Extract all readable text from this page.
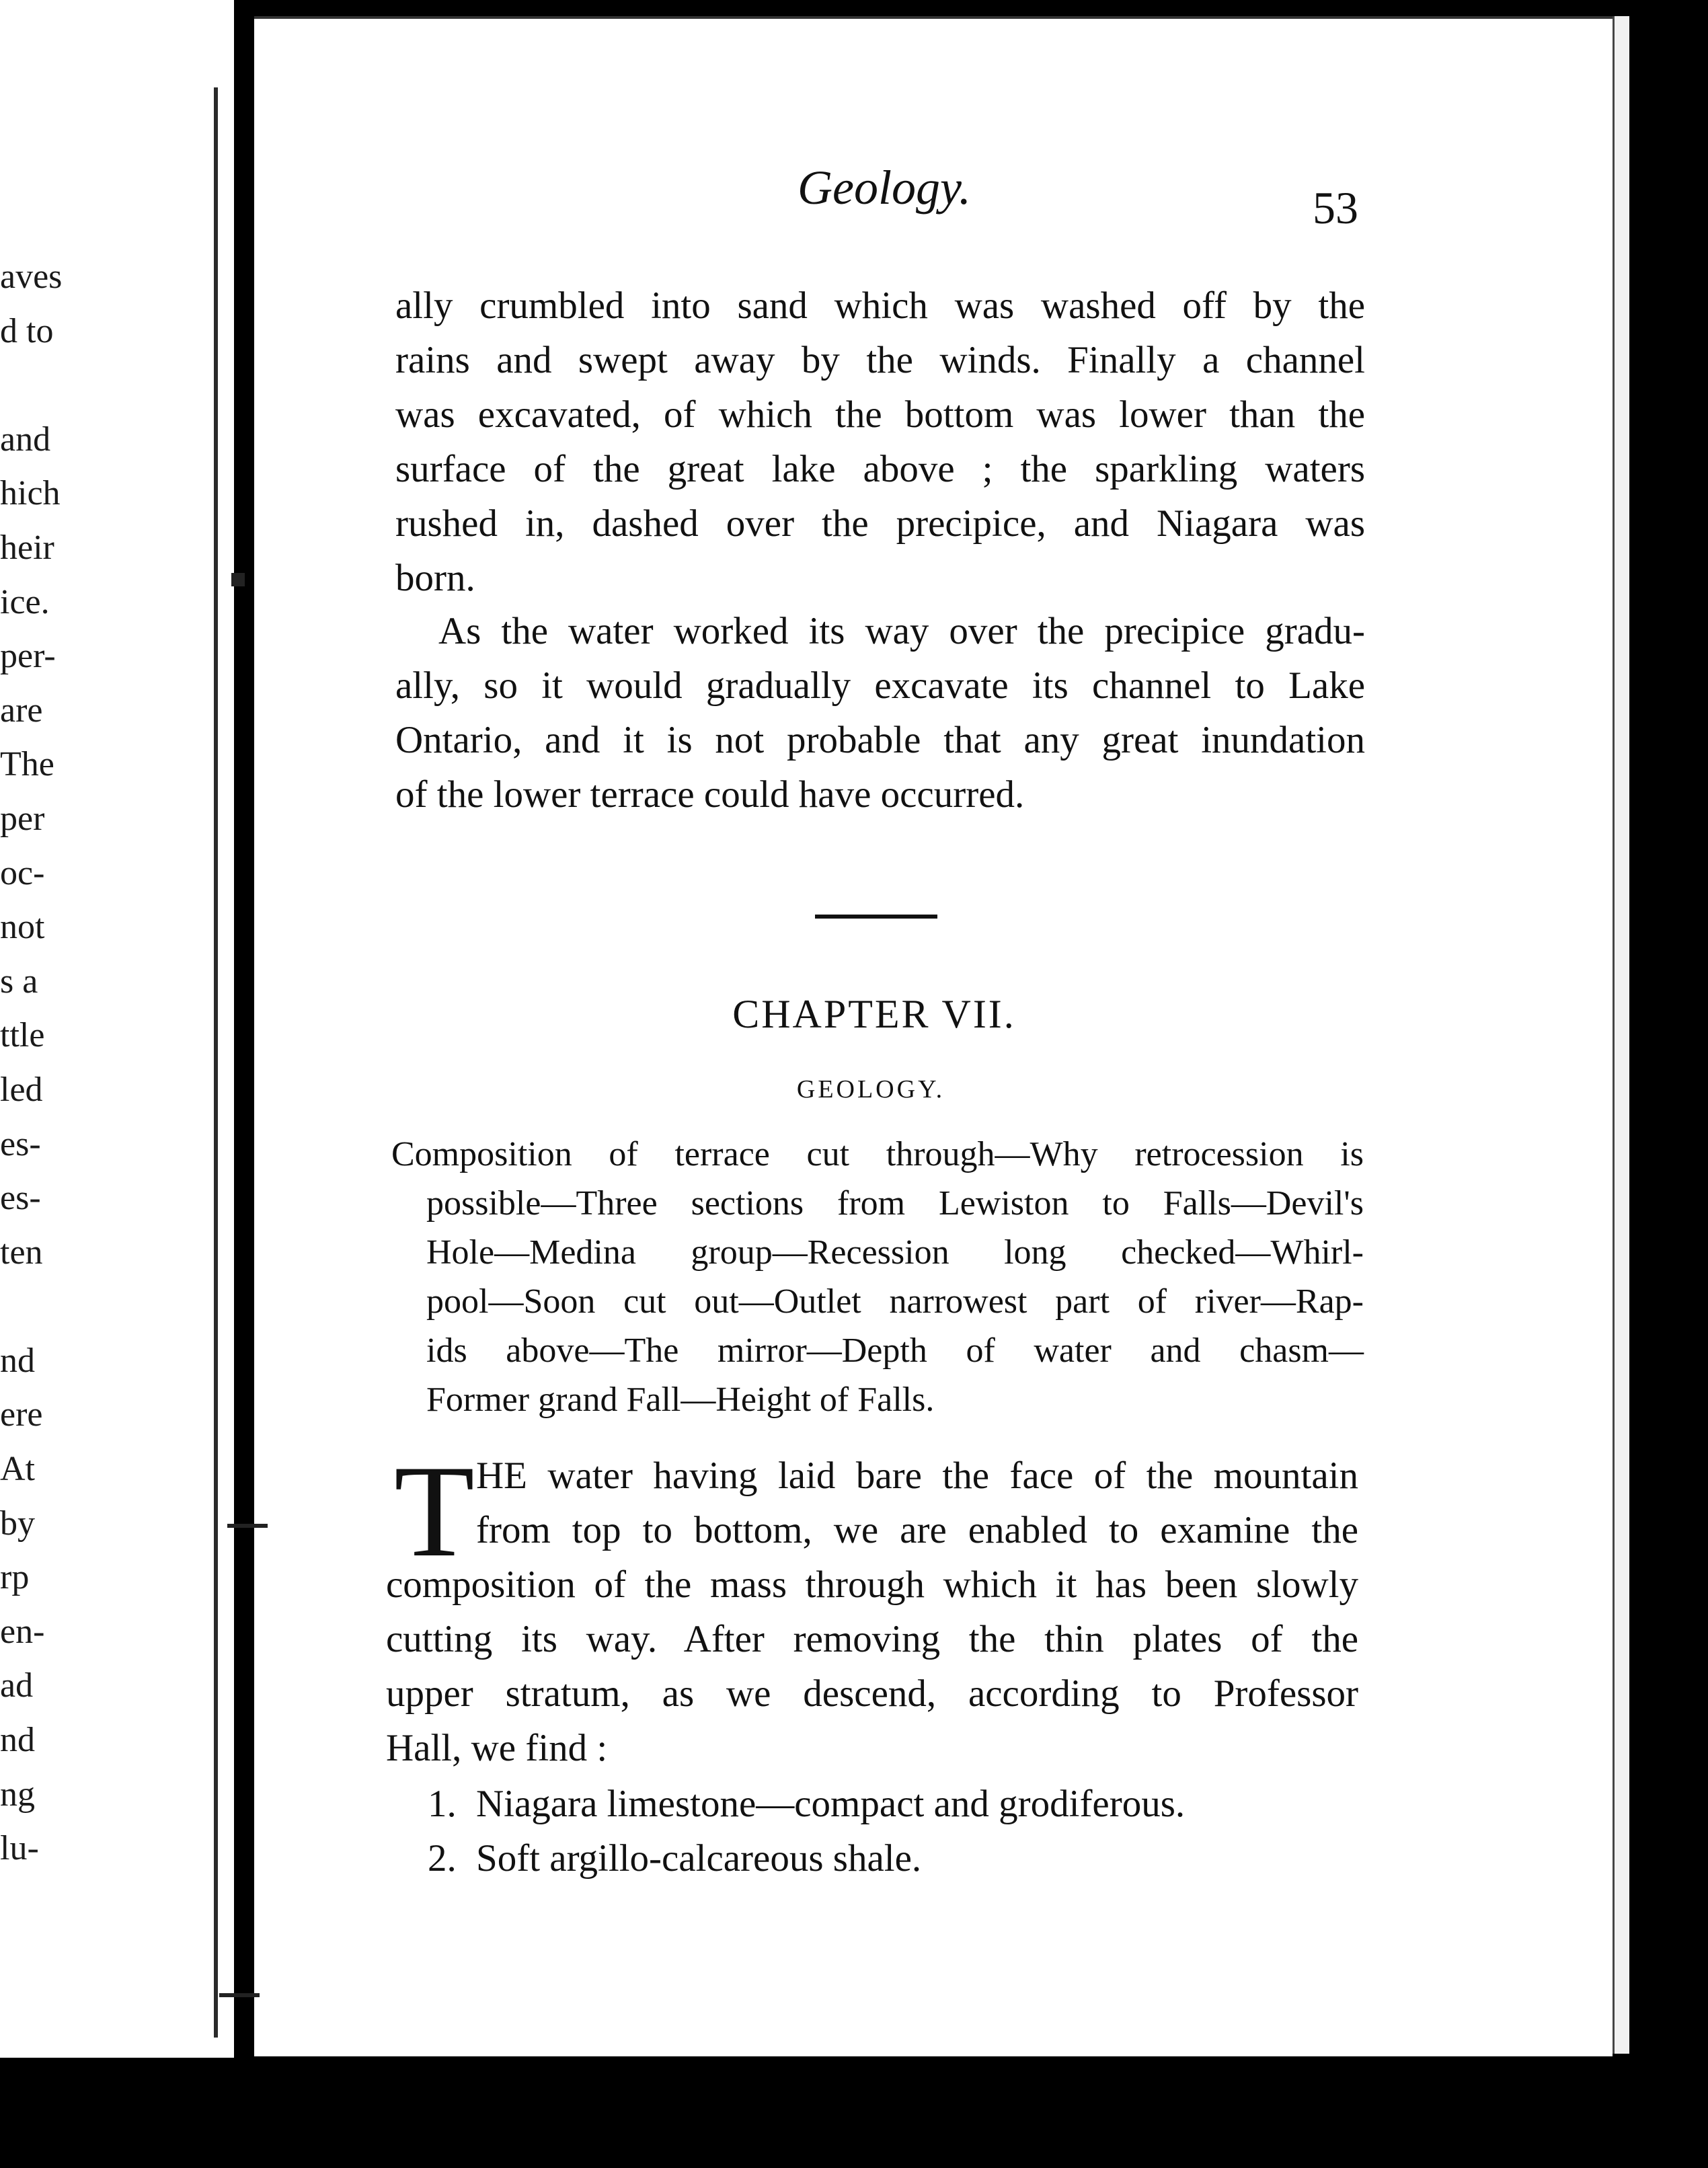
aves
d to
and
hich
heir
ice.
per-
are
The
per
oc-
not
s a
ttle
led
es-
es-
ten
nd
ere
At
by
rp
en-
ad
nd
ng
lu-
Geology.	53
ally crumbled into sand which was washed off by the
rains and swept away by the winds. Finally a channel
was excavated, of which the bottom was lower than the
surface of the great lake above ; the sparkling waters
rushed in, dashed over the precipice, and Niagara was
born.
As the water worked its way over the precipice gradu-
ally, so it would gradually excavate its channel to Lake
Ontario, and it is not probable that any great inundation
of the lower terrace could have occurred.
CHAPTER VII.
GEOLOGY.
Composition of terrace cut through—Why retrocession is
possible—Three sections from Lewiston to Falls—Devil's
Hole—Medina group—Recession long checked—Whirl-
pool—Soon cut out—Outlet narrowest part of river—Rap-
ids above—The mirror—Depth of water and chasm—
Former grand Fall—Height of Falls.
T HE water having laid bare the face of the mountain
from top to bottom, we are enabled to examine the
composition of the mass through which it has been slowly
cutting its way. After removing the thin plates of the
upper stratum, as we descend, according to Professor
Hall, we find :
1. Niagara limestone—compact and grodiferous.
2. Soft argillo-calcareous shale.
